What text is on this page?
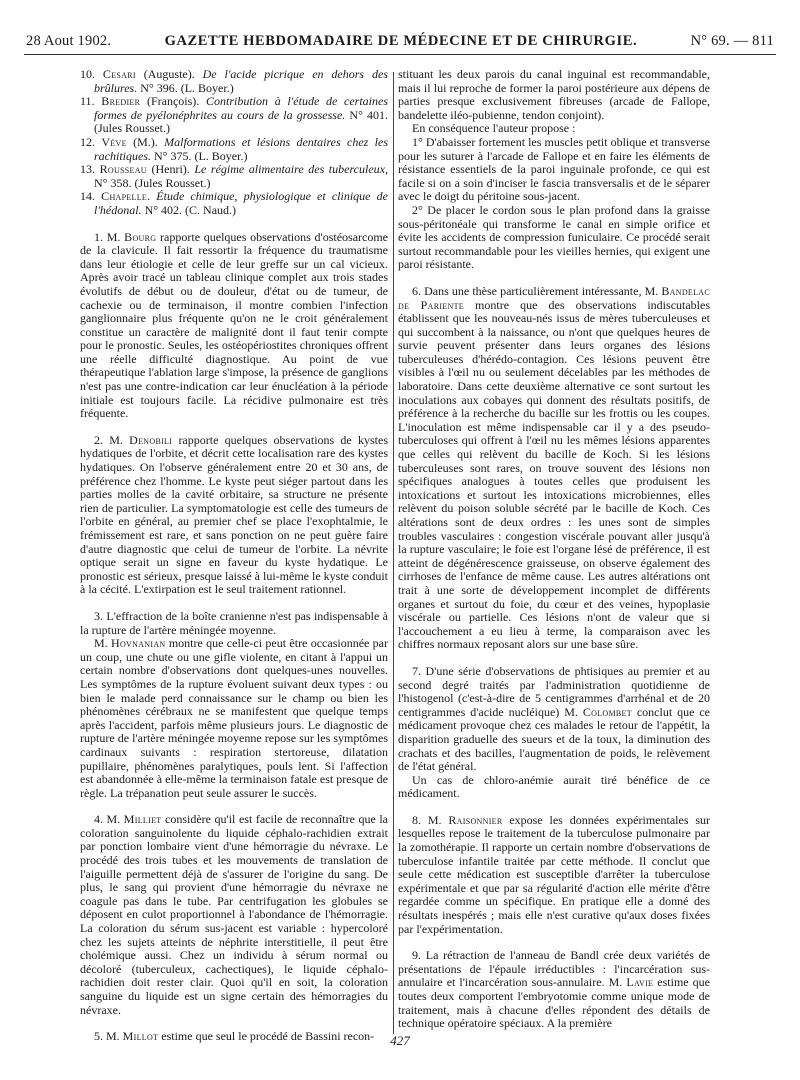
28 Aout 1902.	GAZETTE HEBDOMADAIRE DE MÉDECINE ET DE CHIRURGIE.	N° 69. — 811

10. Cesari (Auguste). De l'acide picrique en dehors des brûlures. N° 396. (L. Boyer.)

11. Bredier (François). Contribution à l'étude de certaines formes de pyélonéphrites au cours de la grossesse. N° 401. (Jules Rousset.)

12. Vève (M.). Malformations et lésions dentaires chez les rachitiques. N° 375. (L. Boyer.)

13. Rousseau (Henri). Le régime alimentaire des tuberculeux, N° 358. (Jules Rousset.)

14. Chapelle. Étude chimique, physiologique et clinique de l'hédonal. N° 402. (C. Naud.)

1. M. Bourg rapporte quelques observations d'ostéosarcome de la clavicule. Il fait ressortir la fréquence du traumatisme dans leur étiologie et celle de leur greffe sur un cal vicieux. Après avoir tracé un tableau clinique complet aux trois stades évolutifs de début ou de douleur, d'état ou de tumeur, de cachexie ou de terminaison, il montre combien l'infection ganglionnaire plus fréquente qu'on ne le croit généralement constitue un caractère de malignité dont il faut tenir compte pour le pronostic. Seules, les ostéopériostites chroniques offrent une réelle difficulté diagnostique. Au point de vue thérapeutique l'ablation large s'impose, la présence de ganglions n'est pas une contre-indication car leur énucléation à la période initiale est toujours facile. La récidive pulmonaire est très fréquente.

2. M. Denobili rapporte quelques observations de kystes hydatiques de l'orbite, et décrit cette localisation rare des kystes hydatiques. On l'observe généralement entre 20 et 30 ans, de préférence chez l'homme. Le kyste peut siéger partout dans les parties molles de la cavité orbitaire, sa structure ne présente rien de particulier. La symptomatologie est celle des tumeurs de l'orbite en général, au premier chef se place l'exophtalmie, le frémissement est rare, et sans ponction on ne peut guère faire d'autre diagnostic que celui de tumeur de l'orbite. La névrite optique serait un signe en faveur du kyste hydatique. Le pronostic est sérieux, presque laissé à lui-même le kyste conduit à la cécité. L'extirpation est le seul traitement rationnel.

3. L'effraction de la boîte cranienne n'est pas indispensable à la rupture de l'artère méningée moyenne.

M. Hovnanian montre que celle-ci peut être occasionnée par un coup, une chute ou une gifle violente, en citant à l'appui un certain nombre d'observations dont quelques-unes nouvelles. Les symptômes de la rupture évoluent suivant deux types : ou bien le malade perd connaissance sur le champ ou bien les phénomènes cérébraux ne se manifestent que quelque temps après l'accident, parfois même plusieurs jours. Le diagnostic de rupture de l'artère méningée moyenne repose sur les symptômes cardinaux suivants : respiration stertoreuse, dilatation pupillaire, phénomènes paralytiques, pouls lent. Si l'affection est abandonnée à elle-même la terminaison fatale est presque de règle. La trépanation peut seule assurer le succès.

4. M. Milliet considère qu'il est facile de reconnaître que la coloration sanguinolente du liquide céphalo-rachidien extrait par ponction lombaire vient d'une hémorragie du névraxe. Le procédé des trois tubes et les mouvements de translation de l'aiguille permettent déjà de s'assurer de l'origine du sang. De plus, le sang qui provient d'une hémorragie du névraxe ne coagule pas dans le tube. Par centrifugation les globules se déposent en culot proportionnel à l'abondance de l'hémorragie. La coloration du sérum sus-jacent est variable : hypercoloré chez les sujets atteints de néphrite interstitielle, il peut être cholémique aussi. Chez un individu à sérum normal ou décoloré (tuberculeux, cachectiques), le liquide céphalo-rachidien doit rester clair. Quoi qu'il en soit, la coloration sanguine du liquide est un signe certain des hémorragies du névraxe.

5. M. Millot estime que seul le procédé de Bassini recon-

stituant les deux parois du canal inguinal est recommandable, mais il lui reproche de former la paroi postérieure aux dépens de parties presque exclusivement fibreuses (arcade de Fallope, bandelette iléo-pubienne, tendon conjoint).

En conséquence l'auteur propose :

1° D'abaisser fortement les muscles petit oblique et transverse pour les suturer à l'arcade de Fallope et en faire les éléments de résistance essentiels de la paroi inguinale profonde, ce qui est facile si on a soin d'inciser le fascia transversalis et de le séparer avec le doigt du péritoine sous-jacent.

2° De placer le cordon sous le plan profond dans la graisse sous-péritonéale qui transforme le canal en simple orifice et évite les accidents de compression funiculaire. Ce procédé serait surtout recommandable pour les vieilles hernies, qui exigent une paroi résistante.

6. Dans une thèse particulièrement intéressante, M. Bandelac de Pariente montre que des observations indiscutables établissent que les nouveau-nés issus de mères tuberculeuses et qui succombent à la naissance, ou n'ont que quelques heures de survie peuvent présenter dans leurs organes des lésions tuberculeuses d'hérédo-contagion. Ces lésions peuvent être visibles à l'œil nu ou seulement décelables par les méthodes de laboratoire. Dans cette deuxième alternative ce sont surtout les inoculations aux cobayes qui donnent des résultats positifs, de préférence à la recherche du bacille sur les frottis ou les coupes. L'inoculation est même indispensable car il y a des pseudo-tuberculoses qui offrent à l'œil nu les mêmes lésions apparentes que celles qui relèvent du bacille de Koch. Si les lésions tuberculeuses sont rares, on trouve souvent des lésions non spécifiques analogues à toutes celles que produisent les intoxications et surtout les intoxications microbiennes, elles relèvent du poison soluble sécrété par le bacille de Koch. Ces altérations sont de deux ordres : les unes sont de simples troubles vasculaires : congestion viscérale pouvant aller jusqu'à la rupture vasculaire; le foie est l'organe lésé de préférence, il est atteint de dégénérescence graisseuse, on observe également des cirrhoses de l'enfance de même cause. Les autres altérations ont trait à une sorte de développement incomplet de différents organes et surtout du foie, du cœur et des veines, hypoplasie viscérale ou partielle. Ces lésions n'ont de valeur que si l'accouchement a eu lieu à terme, la comparaison avec les chiffres normaux reposant alors sur une base sûre.

7. D'une série d'observations de phtisiques au premier et au second degré traités par l'administration quotidienne de l'histogenol (c'est-à-dire de 5 centigrammes d'arrhénal et de 20 centigrammes d'acide nucléique) M. Colombet conclut que ce médicament provoque chez ces malades le retour de l'appétit, la disparition graduelle des sueurs et de la toux, la diminution des crachats et des bacilles, l'augmentation de poids, le relèvement de l'état général.

Un cas de chloro-anémie aurait tiré bénéfice de ce médicament.

8. M. Raisonnier expose les données expérimentales sur lesquelles repose le traitement de la tuberculose pulmonaire par la zomothérapie. Il rapporte un certain nombre d'observations de tuberculose infantile traitée par cette méthode. Il conclut que seule cette médication est susceptible d'arrêter la tuberculose expérimentale et que par sa régularité d'action elle mérite d'être regardée comme un spécifique. En pratique elle a donné des résultats inespérés ; mais elle n'est curative qu'aux doses fixées par l'expérimentation.

9. La rétraction de l'anneau de Bandl crée deux variétés de présentations de l'épaule irréductibles : l'incarcération sus-annulaire et l'incarcération sous-annulaire. M. Lavie estime que toutes deux comportent l'embryotomie comme unique mode de traitement, mais à chacune d'elles répondent des détails de technique opératoire spéciaux. A la première

427
